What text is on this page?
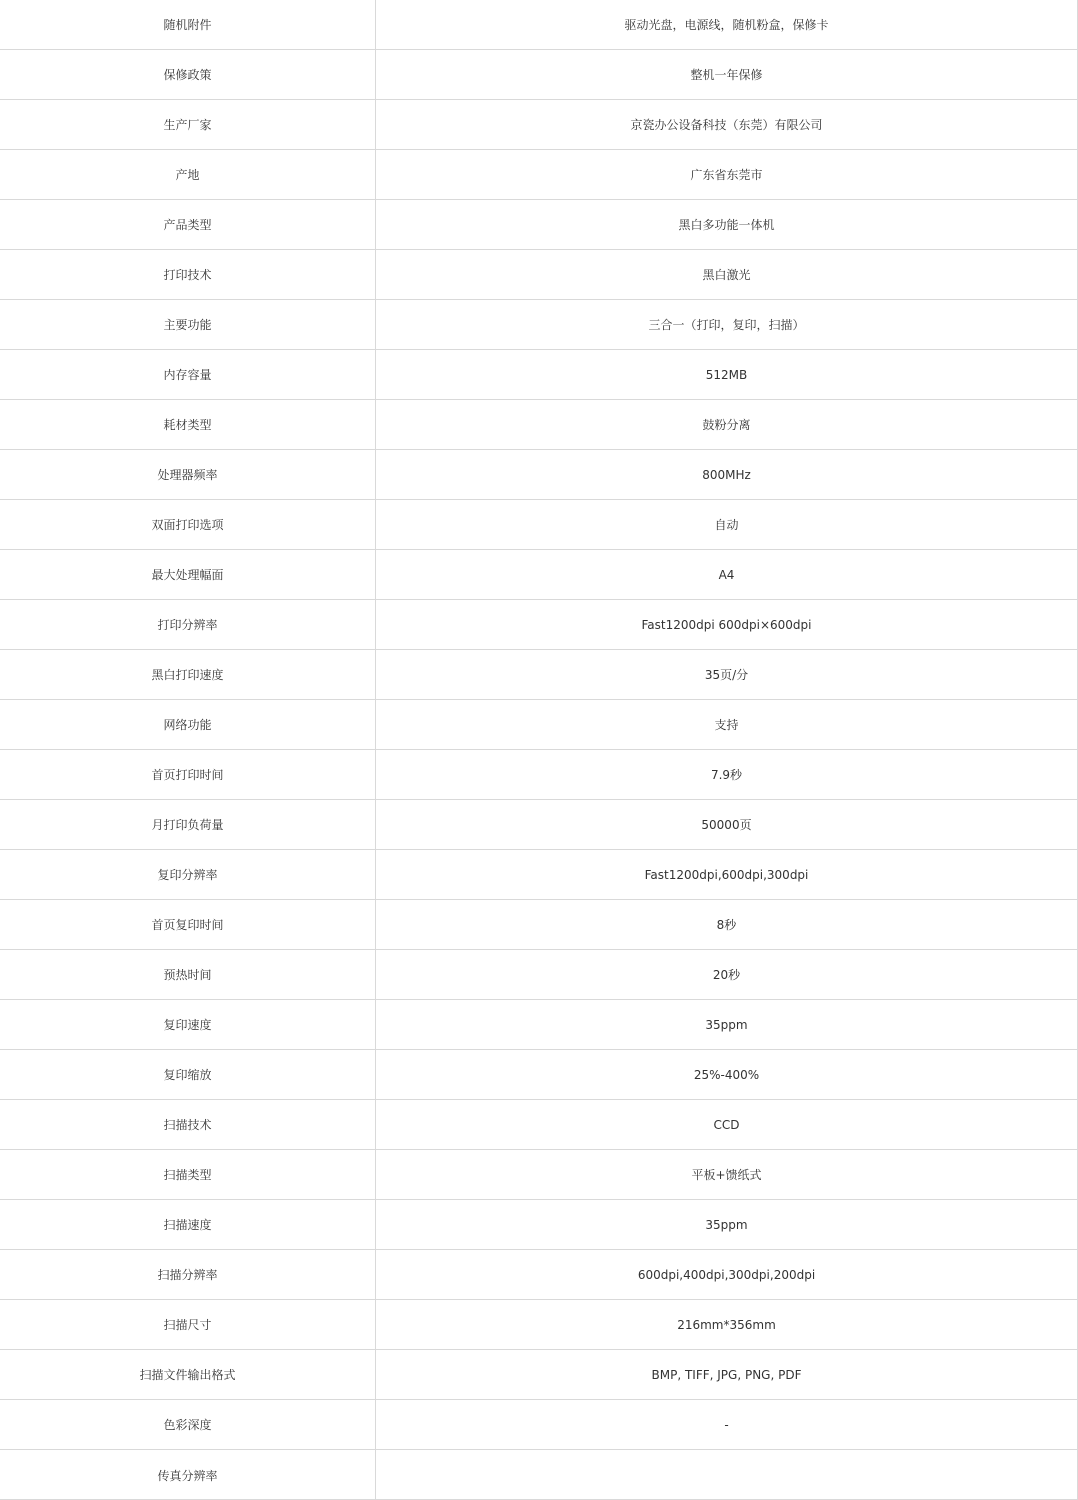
随机附件	驱动光盘，电源线，随机粉盒，保修卡
保修政策	整机一年保修
生产厂家	京瓷办公设备科技（东莞）有限公司
产地	广东省东莞市
产品类型	黑白多功能一体机
打印技术	黑白激光
主要功能	三合一（打印，复印，扫描）
内存容量	512MB
耗材类型	鼓粉分离
处理器频率	800MHz
双面打印选项	自动
最大处理幅面	A4
打印分辨率	Fast1200dpi 600dpi×600dpi
黑白打印速度	35页/分
网络功能	支持
首页打印时间	7.9秒
月打印负荷量	50000页
复印分辨率	Fast1200dpi,600dpi,300dpi
首页复印时间	8秒
预热时间	20秒
复印速度	35ppm
复印缩放	25%-400%
扫描技术	CCD
扫描类型	平板+馈纸式
扫描速度	35ppm
扫描分辨率	600dpi,400dpi,300dpi,200dpi
扫描尺寸	216mm*356mm
扫描文件输出格式	BMP, TIFF, JPG, PNG, PDF
色彩深度	-
传真分辨率
